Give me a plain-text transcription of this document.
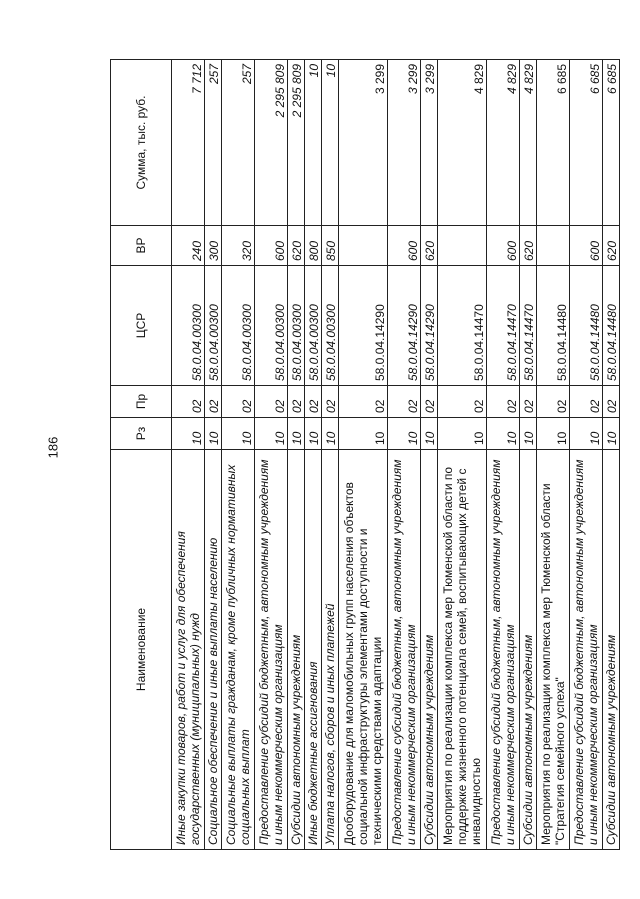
186
Наименование	Рз	Пр	ЦСР	ВР	Сумма, тыс. руб.
Иные закупки товаров, работ и услуг для обеспечения государственных (муниципальных) нужд	10	02	58.0.04.00300	240	7 712
Социальное обеспечение и иные выплаты населению	10	02	58.0.04.00300	300	257
Социальные выплаты гражданам, кроме публичных нормативных социальных выплат	10	02	58.0.04.00300	320	257
Предоставление субсидий бюджетным, автономным учреждениям и иным некоммерческим организациям	10	02	58.0.04.00300	600	2 295 809
Субсидии автономным учреждениям	10	02	58.0.04.00300	620	2 295 809
Иные бюджетные ассигнования	10	02	58.0.04.00300	800	10
Уплата налогов, сборов и иных платежей	10	02	58.0.04.00300	850	10
Дооборудование для маломобильных групп населения объектов социальной инфраструктуры элементами доступности и техническими средствами адаптации	10	02	58.0.04.14290		3 299
Предоставление субсидий бюджетным, автономным учреждениям и иным некоммерческим организациям	10	02	58.0.04.14290	600	3 299
Субсидии автономным учреждениям	10	02	58.0.04.14290	620	3 299
Мероприятия по реализации комплекса мер Тюменской области по поддержке жизненного потенциала семей, воспитывающих детей с инвалидностью	10	02	58.0.04.14470		4 829
Предоставление субсидий бюджетным, автономным учреждениям и иным некоммерческим организациям	10	02	58.0.04.14470	600	4 829
Субсидии автономным учреждениям	10	02	58.0.04.14470	620	4 829
Мероприятия по реализации комплекса мер Тюменской области "Стратегия семейного успеха"	10	02	58.0.04.14480		6 685
Предоставление субсидий бюджетным, автономным учреждениям и иным некоммерческим организациям	10	02	58.0.04.14480	600	6 685
Субсидии автономным учреждениям	10	02	58.0.04.14480	620	6 685
